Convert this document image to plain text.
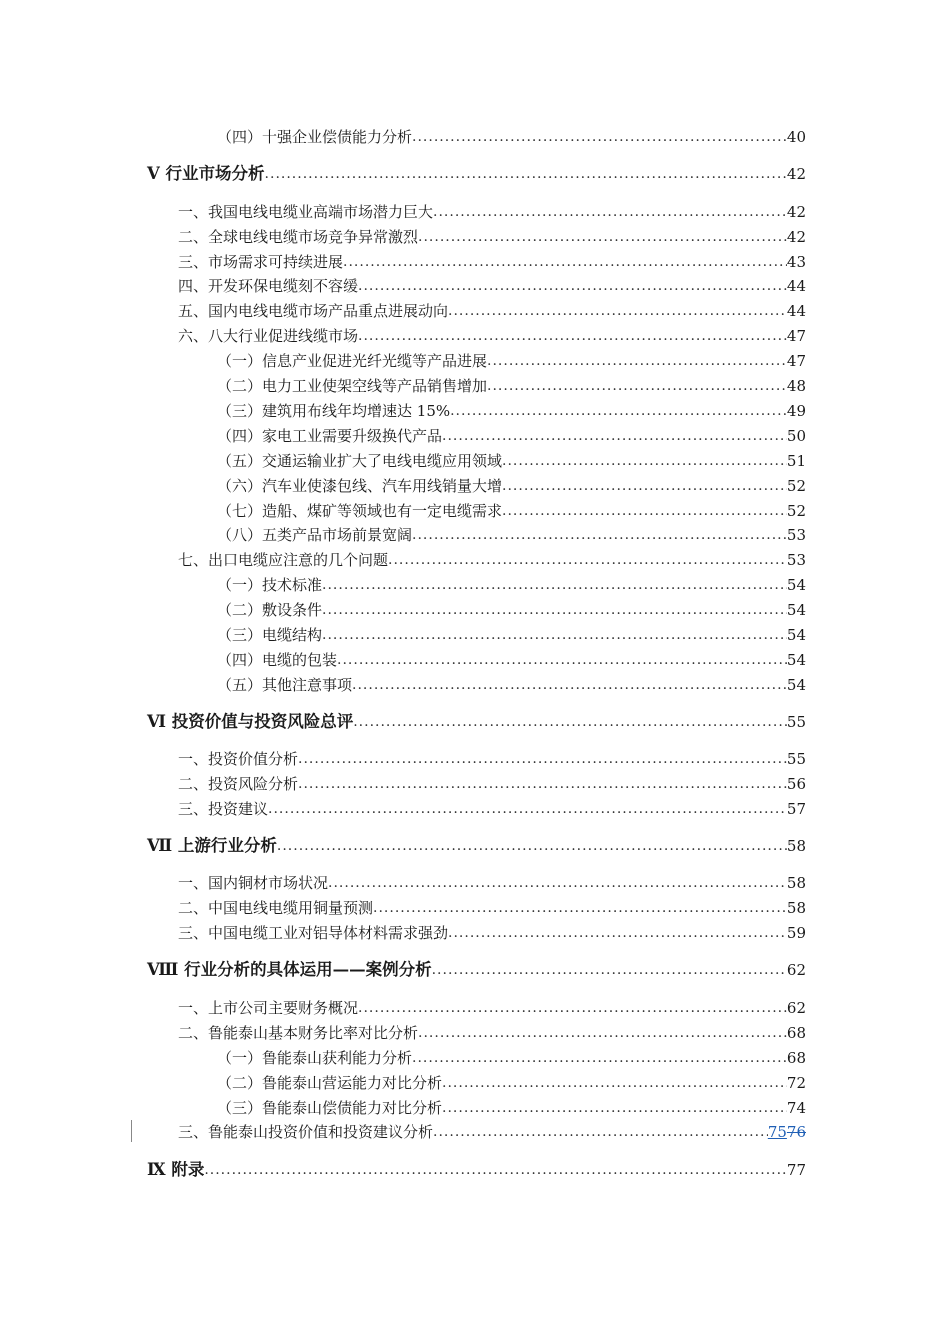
（四）十强企业偿债能力分析 .....	40
Ⅴ 行业市场分析 .....	42
一、我国电线电缆业高端市场潜力巨大 .....	42
二、全球电线电缆市场竞争异常激烈 .....	42
三、市场需求可持续进展 .....	43
四、开发环保电缆刻不容缓 .....	44
五、国内电线电缆市场产品重点进展动向 .....	44
六、八大行业促进线缆市场 .....	47
（一）信息产业促进光纤光缆等产品进展 .....	47
（二）电力工业使架空线等产品销售增加 .....	48
（三）建筑用布线年均增速达 15% .....	49
（四）家电工业需要升级换代产品 .....	50
（五）交通运输业扩大了电线电缆应用领域 .....	51
（六）汽车业使漆包线、汽车用线销量大增 .....	52
（七）造船、煤矿等领域也有一定电缆需求 .....	52
（八）五类产品市场前景宽阔 .....	53
七、出口电缆应注意的几个问题 .....	53
（一）技术标准 .....	54
（二）敷设条件 .....	54
（三）电缆结构 .....	54
（四）电缆的包装 .....	54
（五）其他注意事项 .....	54
Ⅵ 投资价值与投资风险总评 .....	55
一、投资价值分析 .....	55
二、投资风险分析 .....	56
三、投资建议 .....	57
Ⅶ 上游行业分析 .....	58
一、国内铜材市场状况 .....	58
二、中国电线电缆用铜量预测 .....	58
三、中国电缆工业对铝导体材料需求强劲 .....	59
Ⅷ 行业分析的具体运用——案例分析 .....	62
一、上市公司主要财务概况 .....	62
二、鲁能泰山基本财务比率对比分析 .....	68
（一）鲁能泰山获利能力分析 .....	68
（二）鲁能泰山营运能力对比分析 .....	72
（三）鲁能泰山偿债能力对比分析 .....	74
三、鲁能泰山投资价值和投资建议分析 .....	7576
Ⅸ 附录 .....	77
